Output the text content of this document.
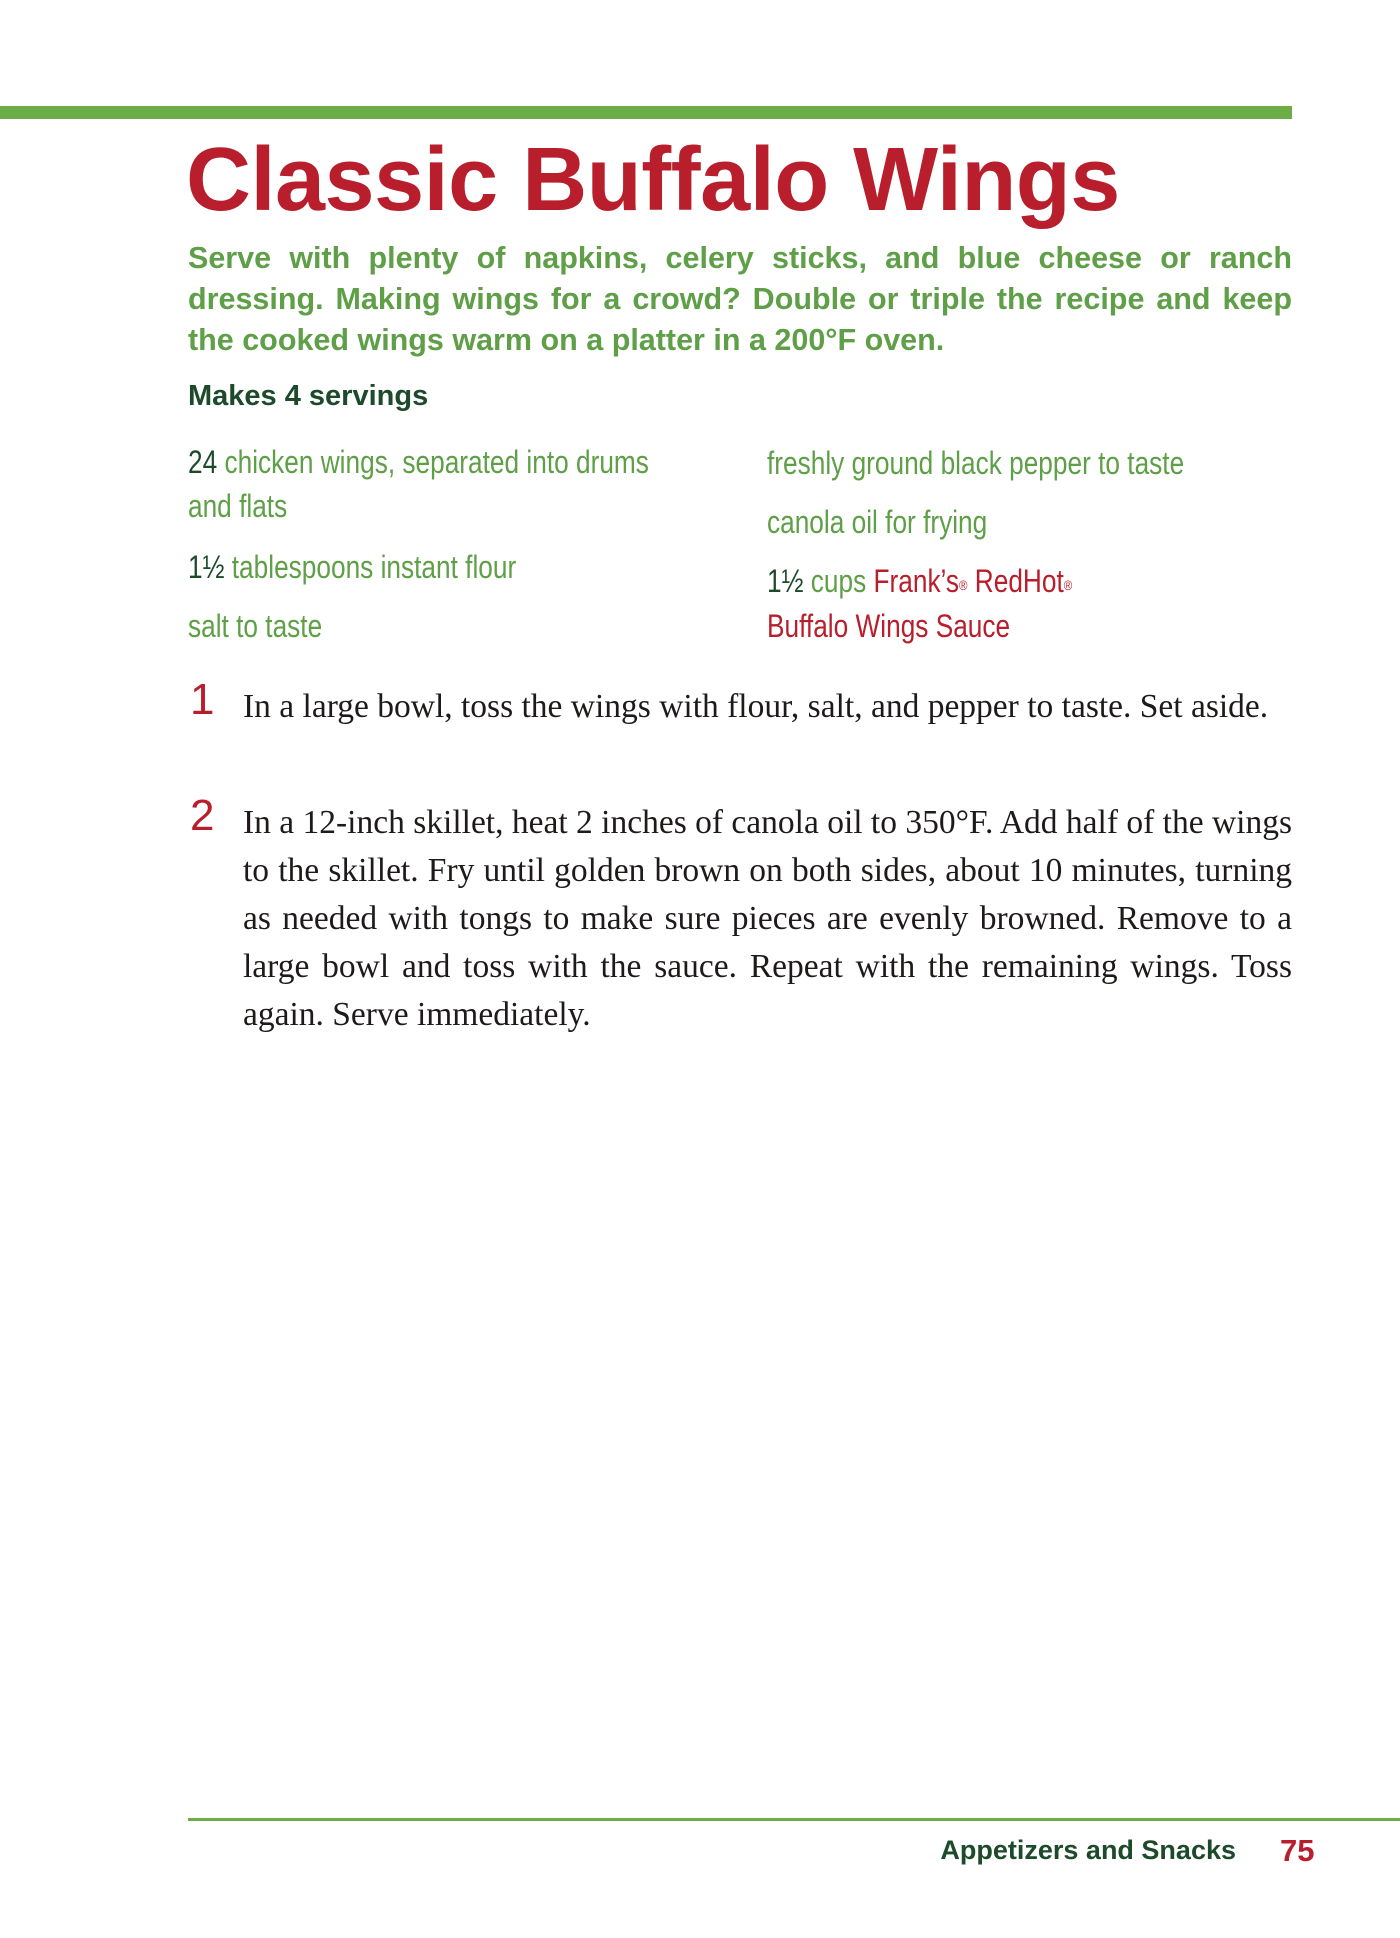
Classic Buffalo Wings

Serve with plenty of napkins, celery sticks, and blue cheese or ranch dressing. Making wings for a crowd? Double or triple the recipe and keep the cooked wings warm on a platter in a 200°F oven.

Makes 4 servings

24 chicken wings, separated into drums
and flats
1½ tablespoons instant flour
salt to taste
freshly ground black pepper to taste
canola oil for frying
1½ cups Frank’s® RedHot®
Buffalo Wings Sauce
1 In a large bowl, toss the wings with flour, salt, and pepper to taste. Set aside.

2 In a 12-inch skillet, heat 2 inches of canola oil to 350°F. Add half of the wings to the skillet. Fry until golden brown on both sides, about 10 minutes, turning as needed with tongs to make sure pieces are evenly browned. Remove to a large bowl and toss with the sauce. Repeat with the remaining wings. Toss again. Serve immediately.

Appetizers and Snacks 75
